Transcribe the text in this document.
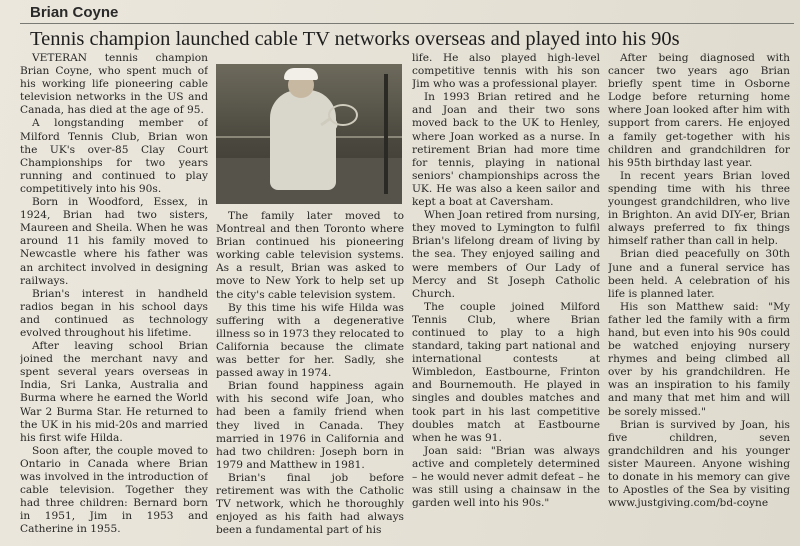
Brian Coyne
Tennis champion launched cable TV networks overseas and played into his 90s

VETERAN tennis champion Brian Coyne, who spent much of his working life pioneering cable television networks in the US and Canada, has died at the age of 95.

A longstanding member of Milford Tennis Club, Brian won the UK's over-85 Clay Court Championships for two years running and continued to play competitively into his 90s.

Born in Woodford, Essex, in 1924, Brian had two sisters, Maureen and Sheila. When he was around 11 his family moved to Newcastle where his father was an architect involved in designing railways.

Brian's interest in handheld radios began in his school days and continued as technology evolved throughout his lifetime.

After leaving school Brian joined the merchant navy and spent several years overseas in India, Sri Lanka, Australia and Burma where he earned the World War 2 Burma Star. He returned to the UK in his mid-20s and married his first wife Hilda.

Soon after, the couple moved to Ontario in Canada where Brian was involved in the introduction of cable television. Together they had three children: Bernard born in 1951, Jim in 1953 and Catherine in 1955.

The family later moved to Montreal and then Toronto where Brian continued his pioneering working cable television systems. As a result, Brian was asked to move to New York to help set up the city's cable television system.

By this time his wife Hilda was suffering with a degenerative illness so in 1973 they relocated to California because the climate was better for her. Sadly, she passed away in 1974.

Brian found happiness again with his second wife Joan, who had been a family friend when they lived in Canada. They married in 1976 in California and had two children: Joseph born in 1979 and Matthew in 1981.

Brian's final job before retirement was with the Catholic TV network, which he thoroughly enjoyed as his faith had always been a fundamental part of his

life. He also played high-level competitive tennis with his son Jim who was a professional player.

In 1993 Brian retired and he and Joan and their two sons moved back to the UK to Henley, where Joan worked as a nurse. In retirement Brian had more time for tennis, playing in national seniors' championships across the UK. He was also a keen sailor and kept a boat at Caversham.

When Joan retired from nursing, they moved to Lymington to fulfil Brian's lifelong dream of living by the sea. They enjoyed sailing and were members of Our Lady of Mercy and St Joseph Catholic Church.

The couple joined Milford Tennis Club, where Brian continued to play to a high standard, taking part national and international contests at Wimbledon, Eastbourne, Frinton and Bournemouth. He played in singles and doubles matches and took part in his last competitive doubles match at Eastbourne when he was 91.

Joan said: "Brian was always active and completely determined – he would never admit defeat – he was still using a chainsaw in the garden well into his 90s."

After being diagnosed with cancer two years ago Brian briefly spent time in Osborne Lodge before returning home where Joan looked after him with support from carers. He enjoyed a family get-together with his children and grandchildren for his 95th birthday last year.

In recent years Brian loved spending time with his three youngest grandchildren, who live in Brighton. An avid DIY-er, Brian always preferred to fix things himself rather than call in help.

Brian died peacefully on 30th June and a funeral service has been held. A celebration of his life is planned later.

His son Matthew said: "My father led the family with a firm hand, but even into his 90s could be watched enjoying nursery rhymes and being climbed all over by his grandchildren. He was an inspiration to his family and many that met him and will be sorely missed."

Brian is survived by Joan, his five children, seven grandchildren and his younger sister Maureen. Anyone wishing to donate in his memory can give to Apostles of the Sea by visiting www.justgiving.com/bd-coyne
